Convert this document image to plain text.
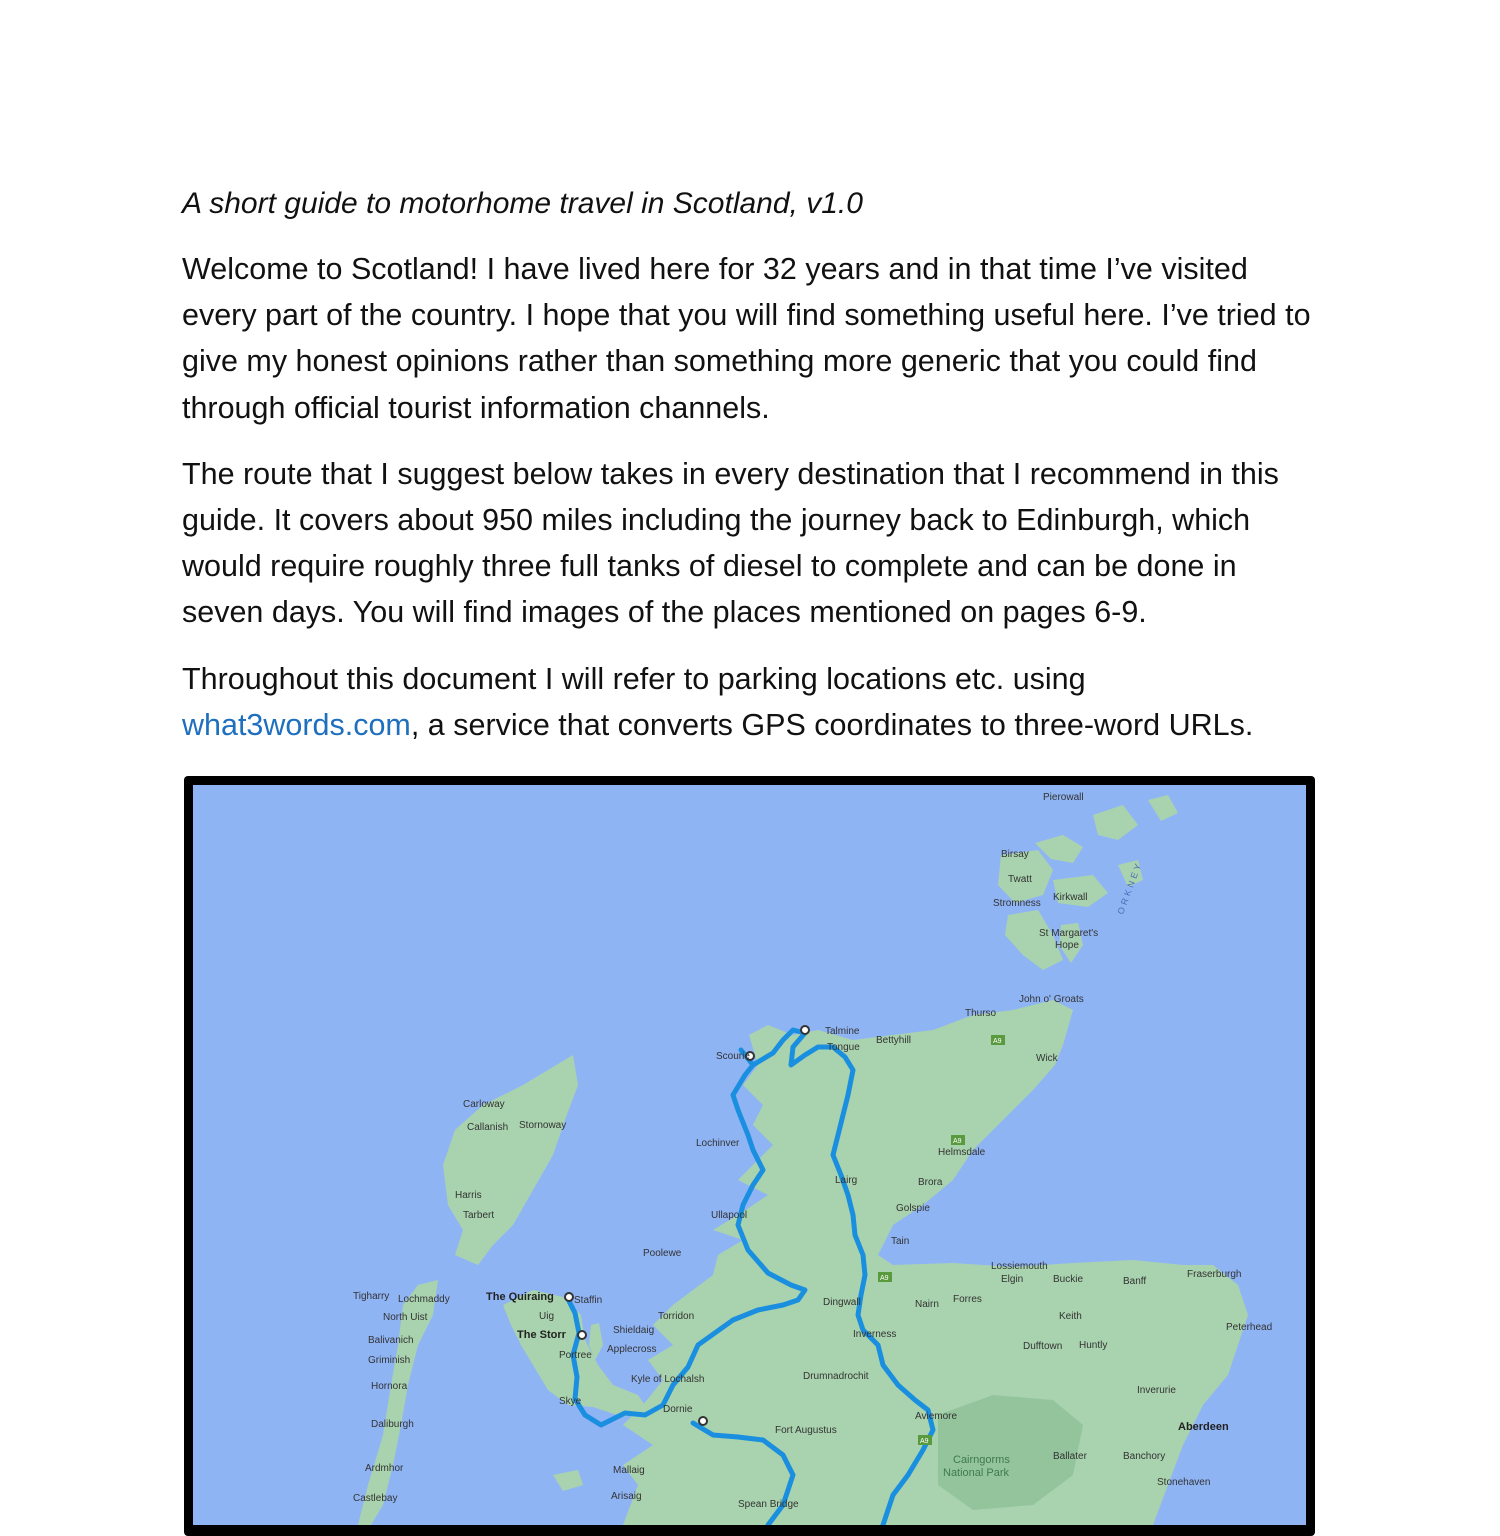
A short guide to motorhome travel in Scotland, v1.0

Welcome to Scotland! I have lived here for 32 years and in that time I’ve visited every part of the country. I hope that you will find something useful here. I’ve tried to give my honest opinions rather than something more generic that you could find through official tourist information channels.

The route that I suggest below takes in every destination that I recommend in this guide. It covers about 950 miles including the journey back to Edinburgh, which would require roughly three full tanks of diesel to complete and can be done in seven days. You will find images of the places mentioned on pages 6-9.

Throughout this document I will refer to parking locations etc. using what3words.com, a service that converts GPS coordinates to three-word URLs.

A9
A9
A9
A9
ORKNEY
Cairngorms
National Park
The Quiraing
The Storr
Aberdeen
Pierowall
Birsay
Twatt
Kirkwall
Stromness
St Margaret's
Hope
John o' Groats
Thurso
Wick
Talmine
Tongue
Bettyhill
Scourie
Lochinver
Helmsdale
Lairg	Brora
Golspie
Ullapool
Tain
Poolewe
Carloway
Callanish Stornoway
Harris
Tarbert
Staffin
Uig
Tigharry Lochmaddy
North Uist
Balivanich
Griminish
Hornora
Daliburgh
Ardmhor
Castlebay
Torridon
Shieldaig
Applecross
Portree
Kyle of Lochalsh
Skye
Dornie
Dingwall
Inverness
Nairn Forres
Elgin
Lossiemouth
Buckie	Banff
Fraserburgh
Keith
Peterhead
Dufftown Huntly
Drumnadrochit
Inverurie
Aviemore
Fort Augustus
Mallaig
Arisaig
Ballater	Banchory
Stonehaven
Spean Bridge
